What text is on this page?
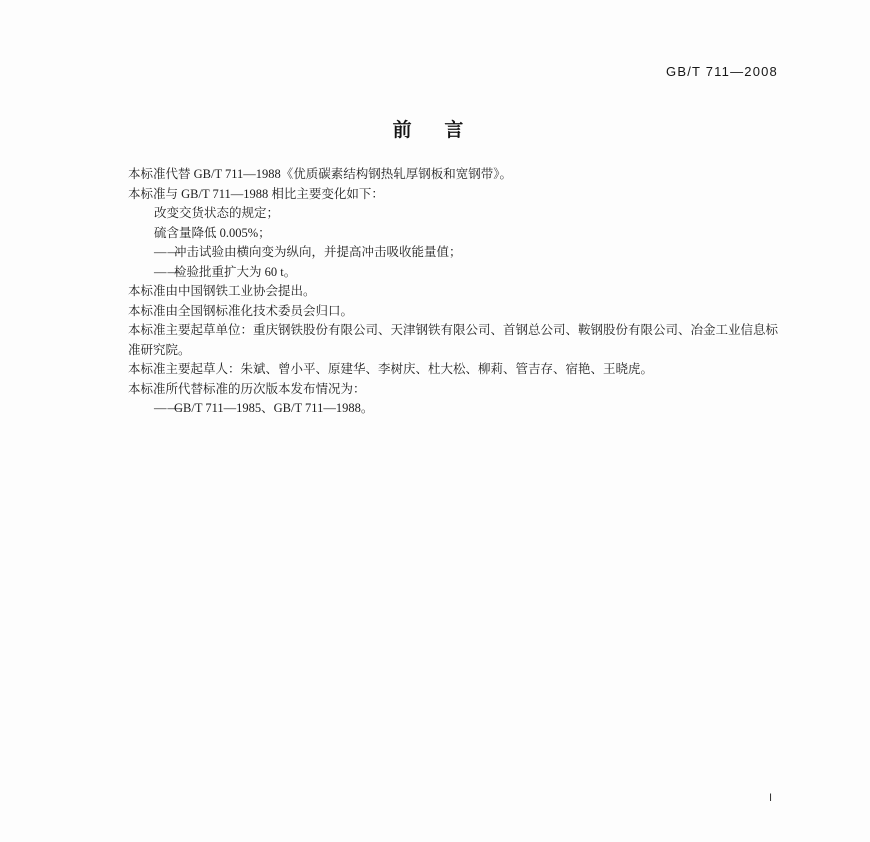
GB/T 711—2008
前 言

本标准代替 GB/T 711—1988《优质碳素结构钢热轧厚钢板和宽钢带》。

本标准与 GB/T 711—1988 相比主要变化如下：

改变交货状态的规定；

硫含量降低 0.005%；

——冲击试验由横向变为纵向，并提高冲击吸收能量值；

——检验批重扩大为 60 t。

本标准由中国钢铁工业协会提出。

本标准由全国钢标准化技术委员会归口。

本标准主要起草单位：重庆钢铁股份有限公司、天津钢铁有限公司、首钢总公司、鞍钢股份有限公司、冶金工业信息标准研究院。

本标准主要起草人：朱斌、曾小平、原建华、李树庆、杜大松、柳莉、管吉存、宿艳、王晓虎。

本标准所代替标准的历次版本发布情况为：

——GB/T 711—1985、GB/T 711—1988。

I
